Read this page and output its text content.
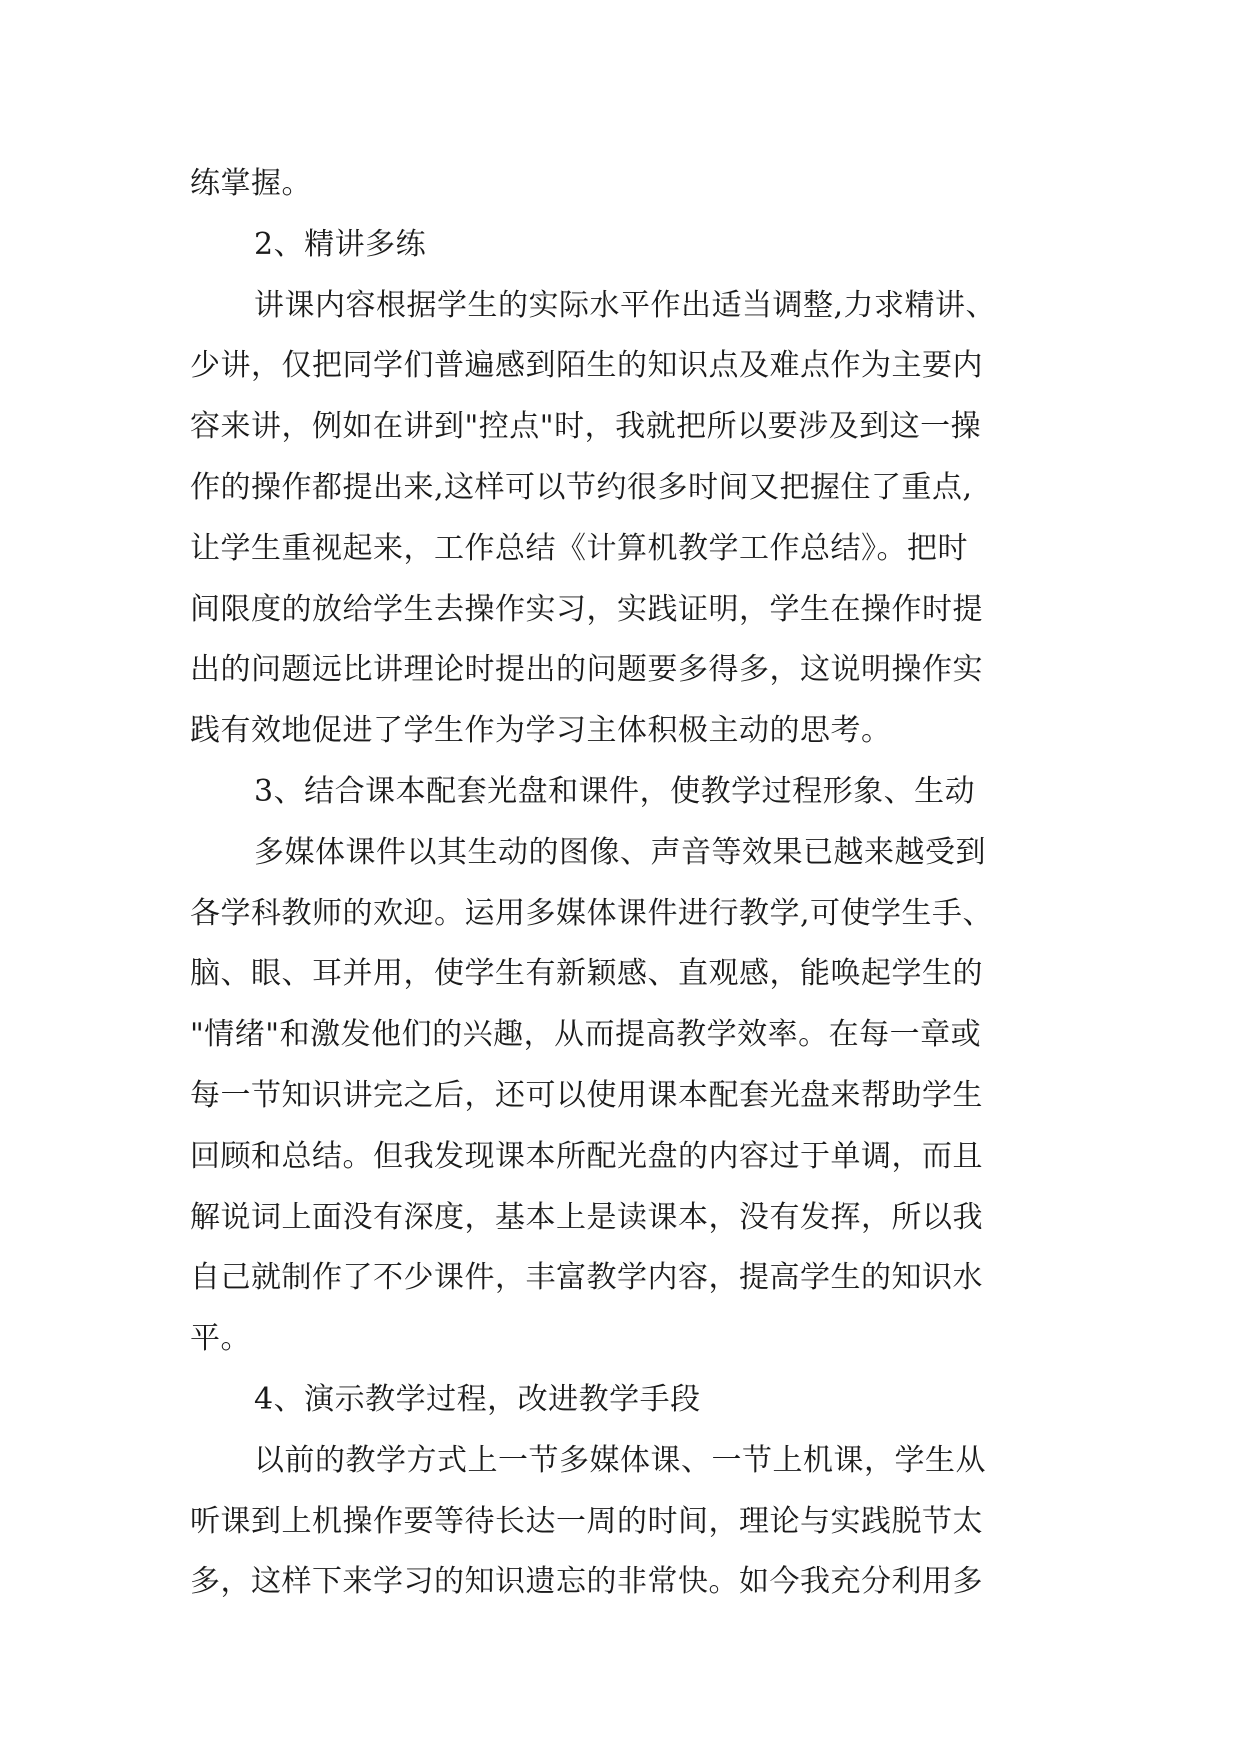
练掌握。
2、精讲多练
讲课内容根据学生的实际水平作出适当调整,力求精讲、
少讲，仅把同学们普遍感到陌生的知识点及难点作为主要内
容来讲，例如在讲到"控点"时，我就把所以要涉及到这一操
作的操作都提出来,这样可以节约很多时间又把握住了重点,
让学生重视起来，工作总结《计算机教学工作总结》。把时
间限度的放给学生去操作实习，实践证明，学生在操作时提
出的问题远比讲理论时提出的问题要多得多，这说明操作实
践有效地促进了学生作为学习主体积极主动的思考。
3、结合课本配套光盘和课件，使教学过程形象、生动
多媒体课件以其生动的图像、声音等效果已越来越受到
各学科教师的欢迎。运用多媒体课件进行教学,可使学生手、
脑、眼、耳并用，使学生有新颖感、直观感，能唤起学生的
"情绪"和激发他们的兴趣，从而提高教学效率。在每一章或
每一节知识讲完之后，还可以使用课本配套光盘来帮助学生
回顾和总结。但我发现课本所配光盘的内容过于单调，而且
解说词上面没有深度，基本上是读课本，没有发挥，所以我
自己就制作了不少课件，丰富教学内容，提高学生的知识水
平。
4、演示教学过程，改进教学手段
以前的教学方式上一节多媒体课、一节上机课，学生从
听课到上机操作要等待长达一周的时间，理论与实践脱节太
多，这样下来学习的知识遗忘的非常快。如今我充分利用多
